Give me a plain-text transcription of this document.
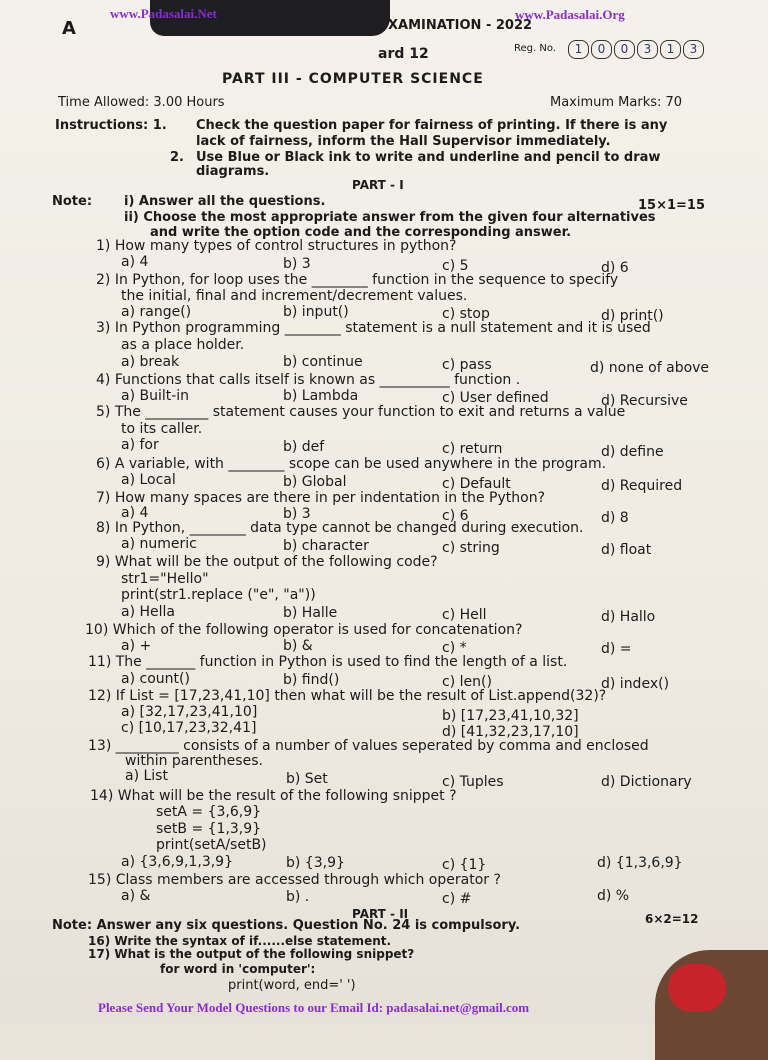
www.Padasalai.Net	www.Padasalai.Org
A	XAMINATION - 2022
ard 12	Reg. No.	1	0	0	3	1	3
PART III - COMPUTER SCIENCE
Time Allowed: 3.00 Hours	Maximum Marks: 70
Instructions: 1. Check the question paper for fairness of printing. If there is any
lack of fairness, inform the Hall Supervisor immediately.
2. Use Blue or Black ink to write and underline and pencil to draw
diagrams.
PART - I
Note: i) Answer all the questions.	15×1=15
ii) Choose the most appropriate answer from the given four alternatives
and write the option code and the corresponding answer.
1) How many types of control structures in python?
a) 4	b) 3	c) 5	d) 6
2) In Python, for loop uses the ________ function in the sequence to specify
the initial, final and increment/decrement values.
a) range()	b) input()	c) stop	d) print()
3) In Python programming ________ statement is a null statement and it is used
as a place holder.
a) break	b) continue	c) pass	d) none of above
4) Functions that calls itself is known as __________ function .
a) Built-in	b) Lambda	c) User defined	d) Recursive
5) The _________ statement causes your function to exit and returns a value
to its caller.
a) for	b) def	c) return	d) define
6) A variable, with ________ scope can be used anywhere in the program.
a) Local	b) Global	c) Default	d) Required
7) How many spaces are there in per indentation in the Python?
a) 4	b) 3	c) 6	d) 8
8) In Python, ________ data type cannot be changed during execution.
a) numeric	b) character	c) string	d) float
9) What will be the output of the following code?
str1="Hello"
print(str1.replace ("e", "a"))
a) Hella	b) Halle	c) Hell	d) Hallo
10) Which of the following operator is used for concatenation?
a) +	b) &	c) *	d) =
11) The _______ function in Python is used to find the length of a list.
a) count()	b) find()	c) len()	d) index()
12) If List = [17,23,41,10] then what will be the result of List.append(32)?
a) [32,17,23,41,10]	b) [17,23,41,10,32]
c) [10,17,23,32,41]	d) [41,32,23,17,10]
13) _________ consists of a number of values seperated by comma and enclosed
within parentheses.
a) List	b) Set	c) Tuples	d) Dictionary
14) What will be the result of the following snippet ?
setA = {3,6,9}
setB = {1,3,9}
print(setA/setB)
a) {3,6,9,1,3,9}	b) {3,9}	c) {1}	d) {1,3,6,9}
15) Class members are accessed through which operator ?
a) &	b) .	c) #	d) %
PART - II
Note: Answer any six questions. Question No. 24 is compulsory.	6×2=12
16) Write the syntax of if......else statement.
17) What is the output of the following snippet?
for word in 'computer':
print(word, end=' ')
Please Send Your Model Questions to our Email Id: padasalai.net@gmail.com
